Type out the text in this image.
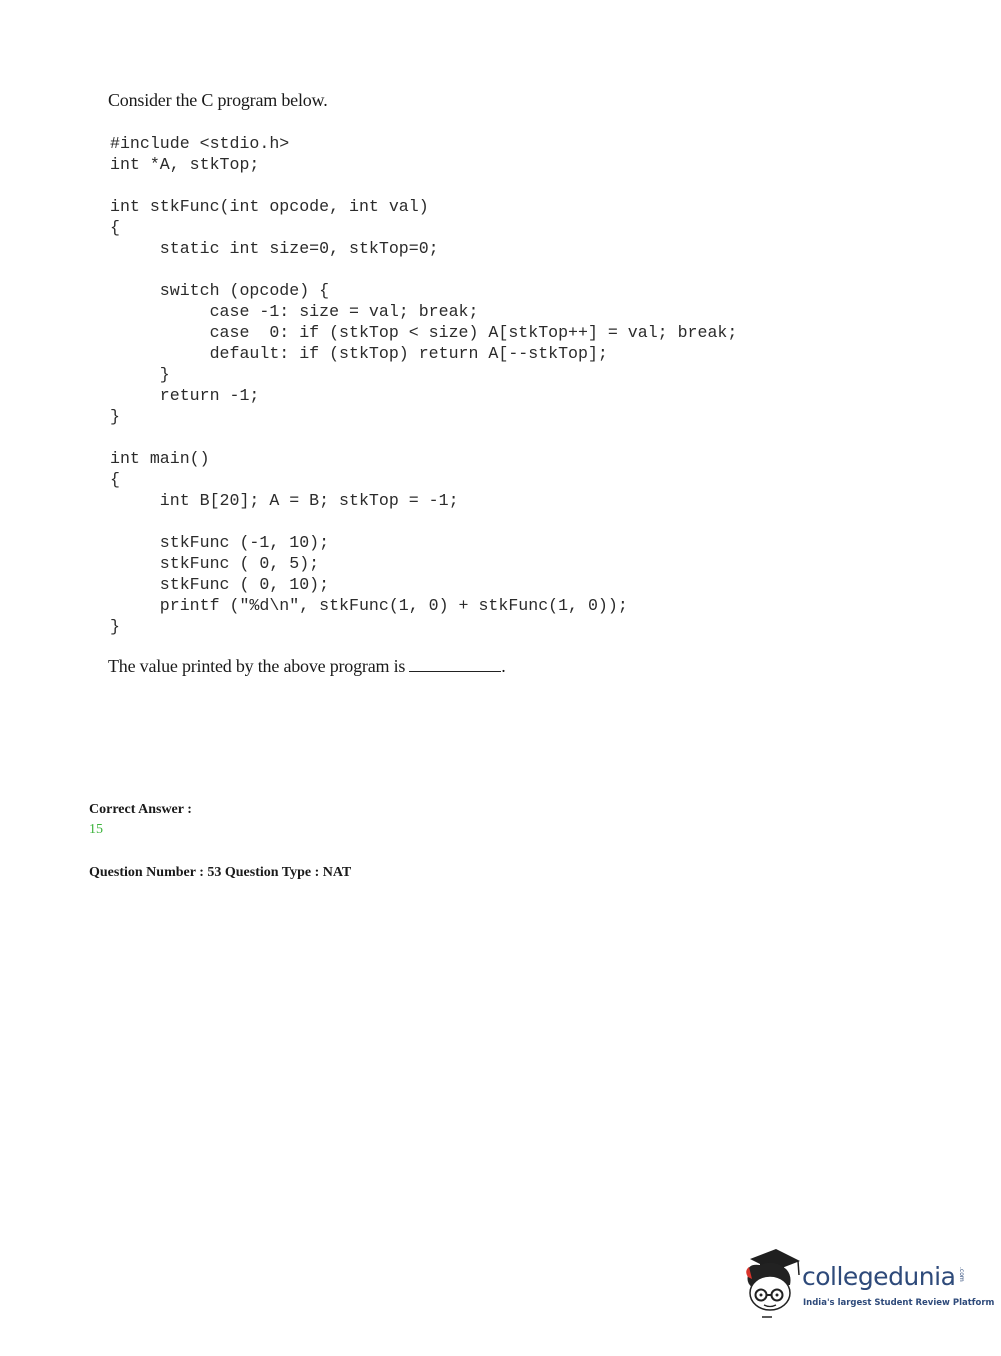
Consider the C program below.
#include <stdio.h>
int *A, stkTop;
int stkFunc(int opcode, int val)
{
static int size=0, stkTop=0;
switch (opcode) {
case -1: size = val; break;
case  0: if (stkTop < size) A[stkTop++] = val; break;
default: if (stkTop) return A[--stkTop];
}
return -1;
}
int main()
{
int B[20]; A = B; stkTop = -1;
stkFunc (-1, 10);
stkFunc ( 0, 5);
stkFunc ( 0, 10);
printf ("%d\n", stkFunc(1, 0) + stkFunc(1, 0));
}
The value printed by the above program is	.
Correct Answer :
15
Question Number : 53 Question Type : NAT
collegedunia .com
India's largest Student Review Platform
